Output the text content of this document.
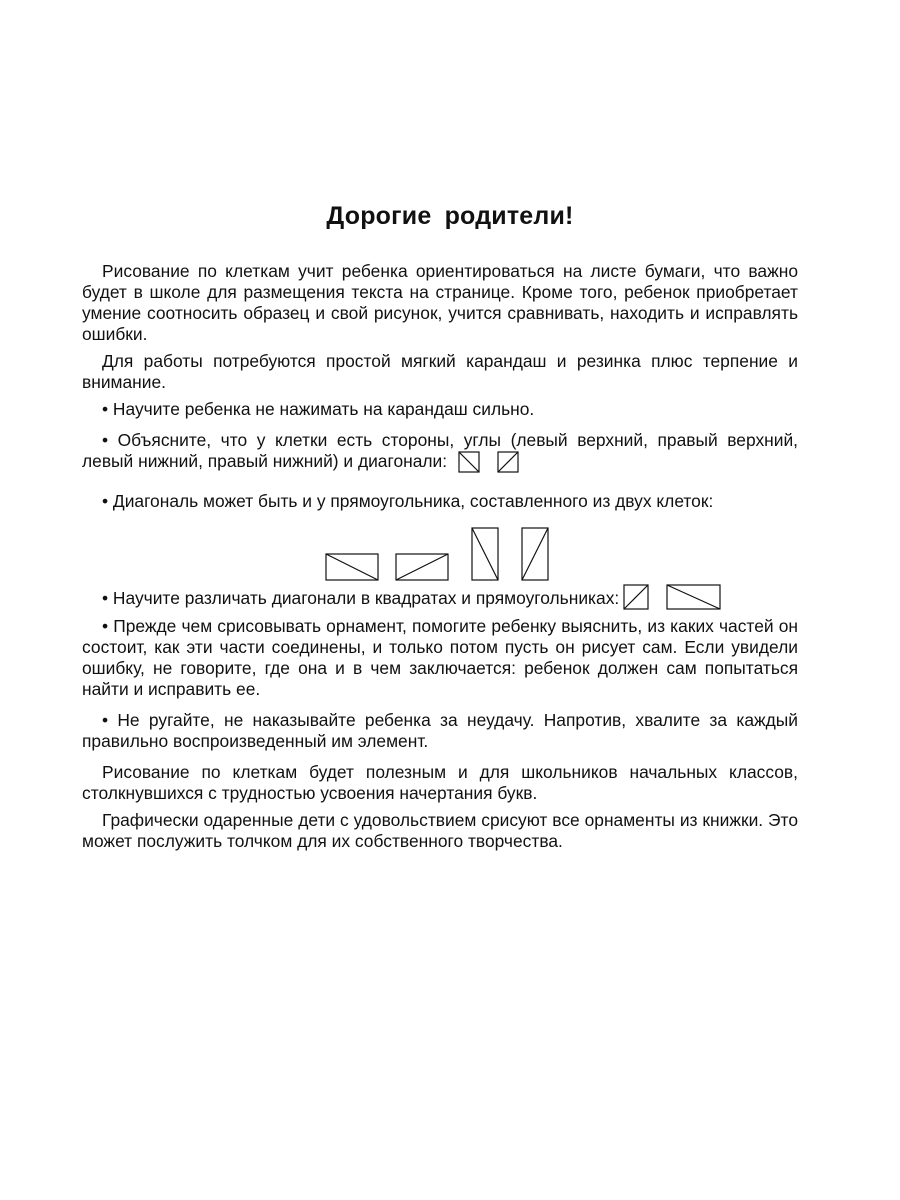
Дорогие родители!

Рисование по клеткам учит ребенка ориентироваться на листе бумаги, что важно будет в школе для размещения текста на странице. Кроме того, ребенок приобретает умение соотносить образец и свой рисунок, учится сравнивать, находить и исправлять ошибки.

Для работы потребуются простой мягкий карандаш и резинка плюс терпение и внимание.

• Научите ребенка не нажимать на карандаш сильно.

• Объясните, что у клетки есть стороны, углы (левый верхний, правый верхний, левый нижний, правый нижний) и диагонали:

• Диагональ может быть и у прямоугольника, составленного из двух клеток:

• Научите различать диагонали в квадратах и прямоугольниках:

• Прежде чем срисовывать орнамент, помогите ребенку выяснить, из каких частей он состоит, как эти части соединены, и только потом пусть он рисует сам. Если увидели ошибку, не говорите, где она и в чем заключается: ребенок должен сам попытаться найти и исправить ее.

• Не ругайте, не наказывайте ребенка за неудачу. Напротив, хвалите за каждый правильно воспроизведенный им элемент.

Рисование по клеткам будет полезным и для школьников начальных классов, столкнувшихся с трудностью усвоения начертания букв.

Графически одаренные дети с удовольствием срисуют все орнаменты из книжки. Это может послужить толчком для их собственного творчества.
